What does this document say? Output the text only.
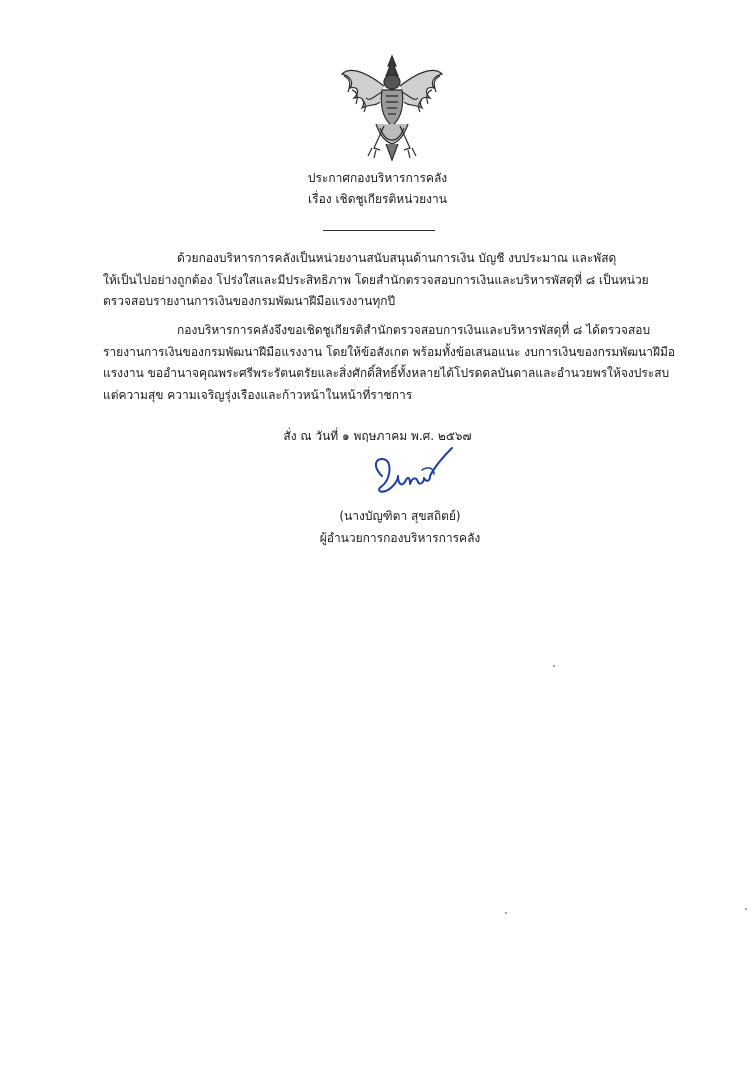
ประกาศกองบริหารการคลัง
เรื่อง เชิดชูเกียรติหน่วยงาน
ด้วยกองบริหารการคลังเป็นหน่วยงานสนับสนุนด้านการเงิน บัญชี งบประมาณ และพัสดุ
ให้เป็นไปอย่างถูกต้อง โปร่งใสและมีประสิทธิภาพ โดยสำนักตรวจสอบการเงินและบริหารพัสดุที่ ๘ เป็นหน่วย
ตรวจสอบรายงานการเงินของกรมพัฒนาฝีมือแรงงานทุกปี
กองบริหารการคลังจึงขอเชิดชูเกียรติสำนักตรวจสอบการเงินและบริหารพัสดุที่ ๘ ได้ตรวจสอบ
รายงานการเงินของกรมพัฒนาฝีมือแรงงาน โดยให้ข้อสังเกต พร้อมทั้งข้อเสนอแนะ งบการเงินของกรมพัฒนาฝีมือ
แรงงาน ขออำนาจคุณพระศรีพระรัตนตรัยและสิ่งศักดิ์สิทธิ์ทั้งหลายได้โปรดดลบันดาลและอำนวยพรให้จงประสบ
แต่ความสุข ความเจริญรุ่งเรืองและก้าวหน้าในหน้าที่ราชการ
สั่ง ณ วันที่ ๑ พฤษภาคม พ.ศ. ๒๕๖๗
(นางบัญฑิตา สุขสถิตย์)
ผู้อำนวยการกองบริหารการคลัง
